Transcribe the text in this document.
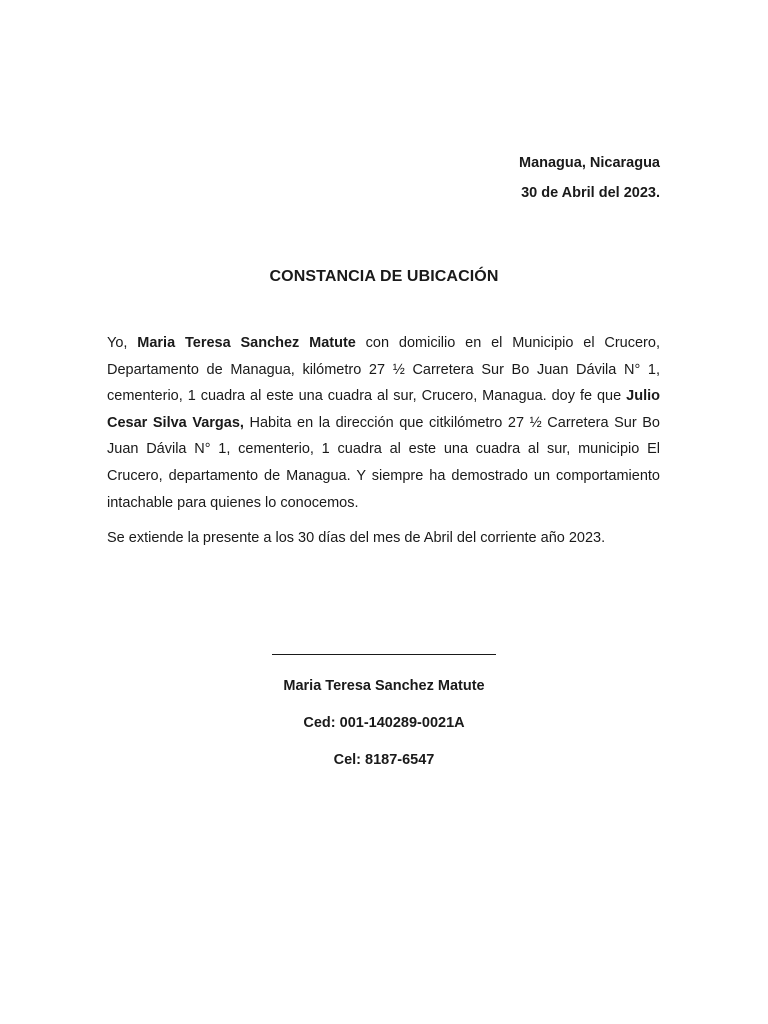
Managua, Nicaragua
30 de Abril del 2023.
CONSTANCIA DE UBICACIÓN

Yo, Maria Teresa Sanchez Matute con domicilio en el Municipio el Crucero, Departamento de Managua, kilómetro 27 ½ Carretera Sur Bo Juan Dávila N° 1, cementerio, 1 cuadra al este una cuadra al sur, Crucero, Managua. doy fe que Julio Cesar Silva Vargas, Habita en la dirección que citkilómetro 27 ½ Carretera Sur Bo Juan Dávila N° 1, cementerio, 1 cuadra al este una cuadra al sur, municipio El Crucero, departamento de Managua. Y siempre ha demostrado un comportamiento intachable para quienes lo conocemos.

Se extiende la presente a los 30 días del mes de Abril del corriente año 2023.

Maria Teresa Sanchez Matute
Ced: 001-140289-0021A
Cel: 8187-6547
